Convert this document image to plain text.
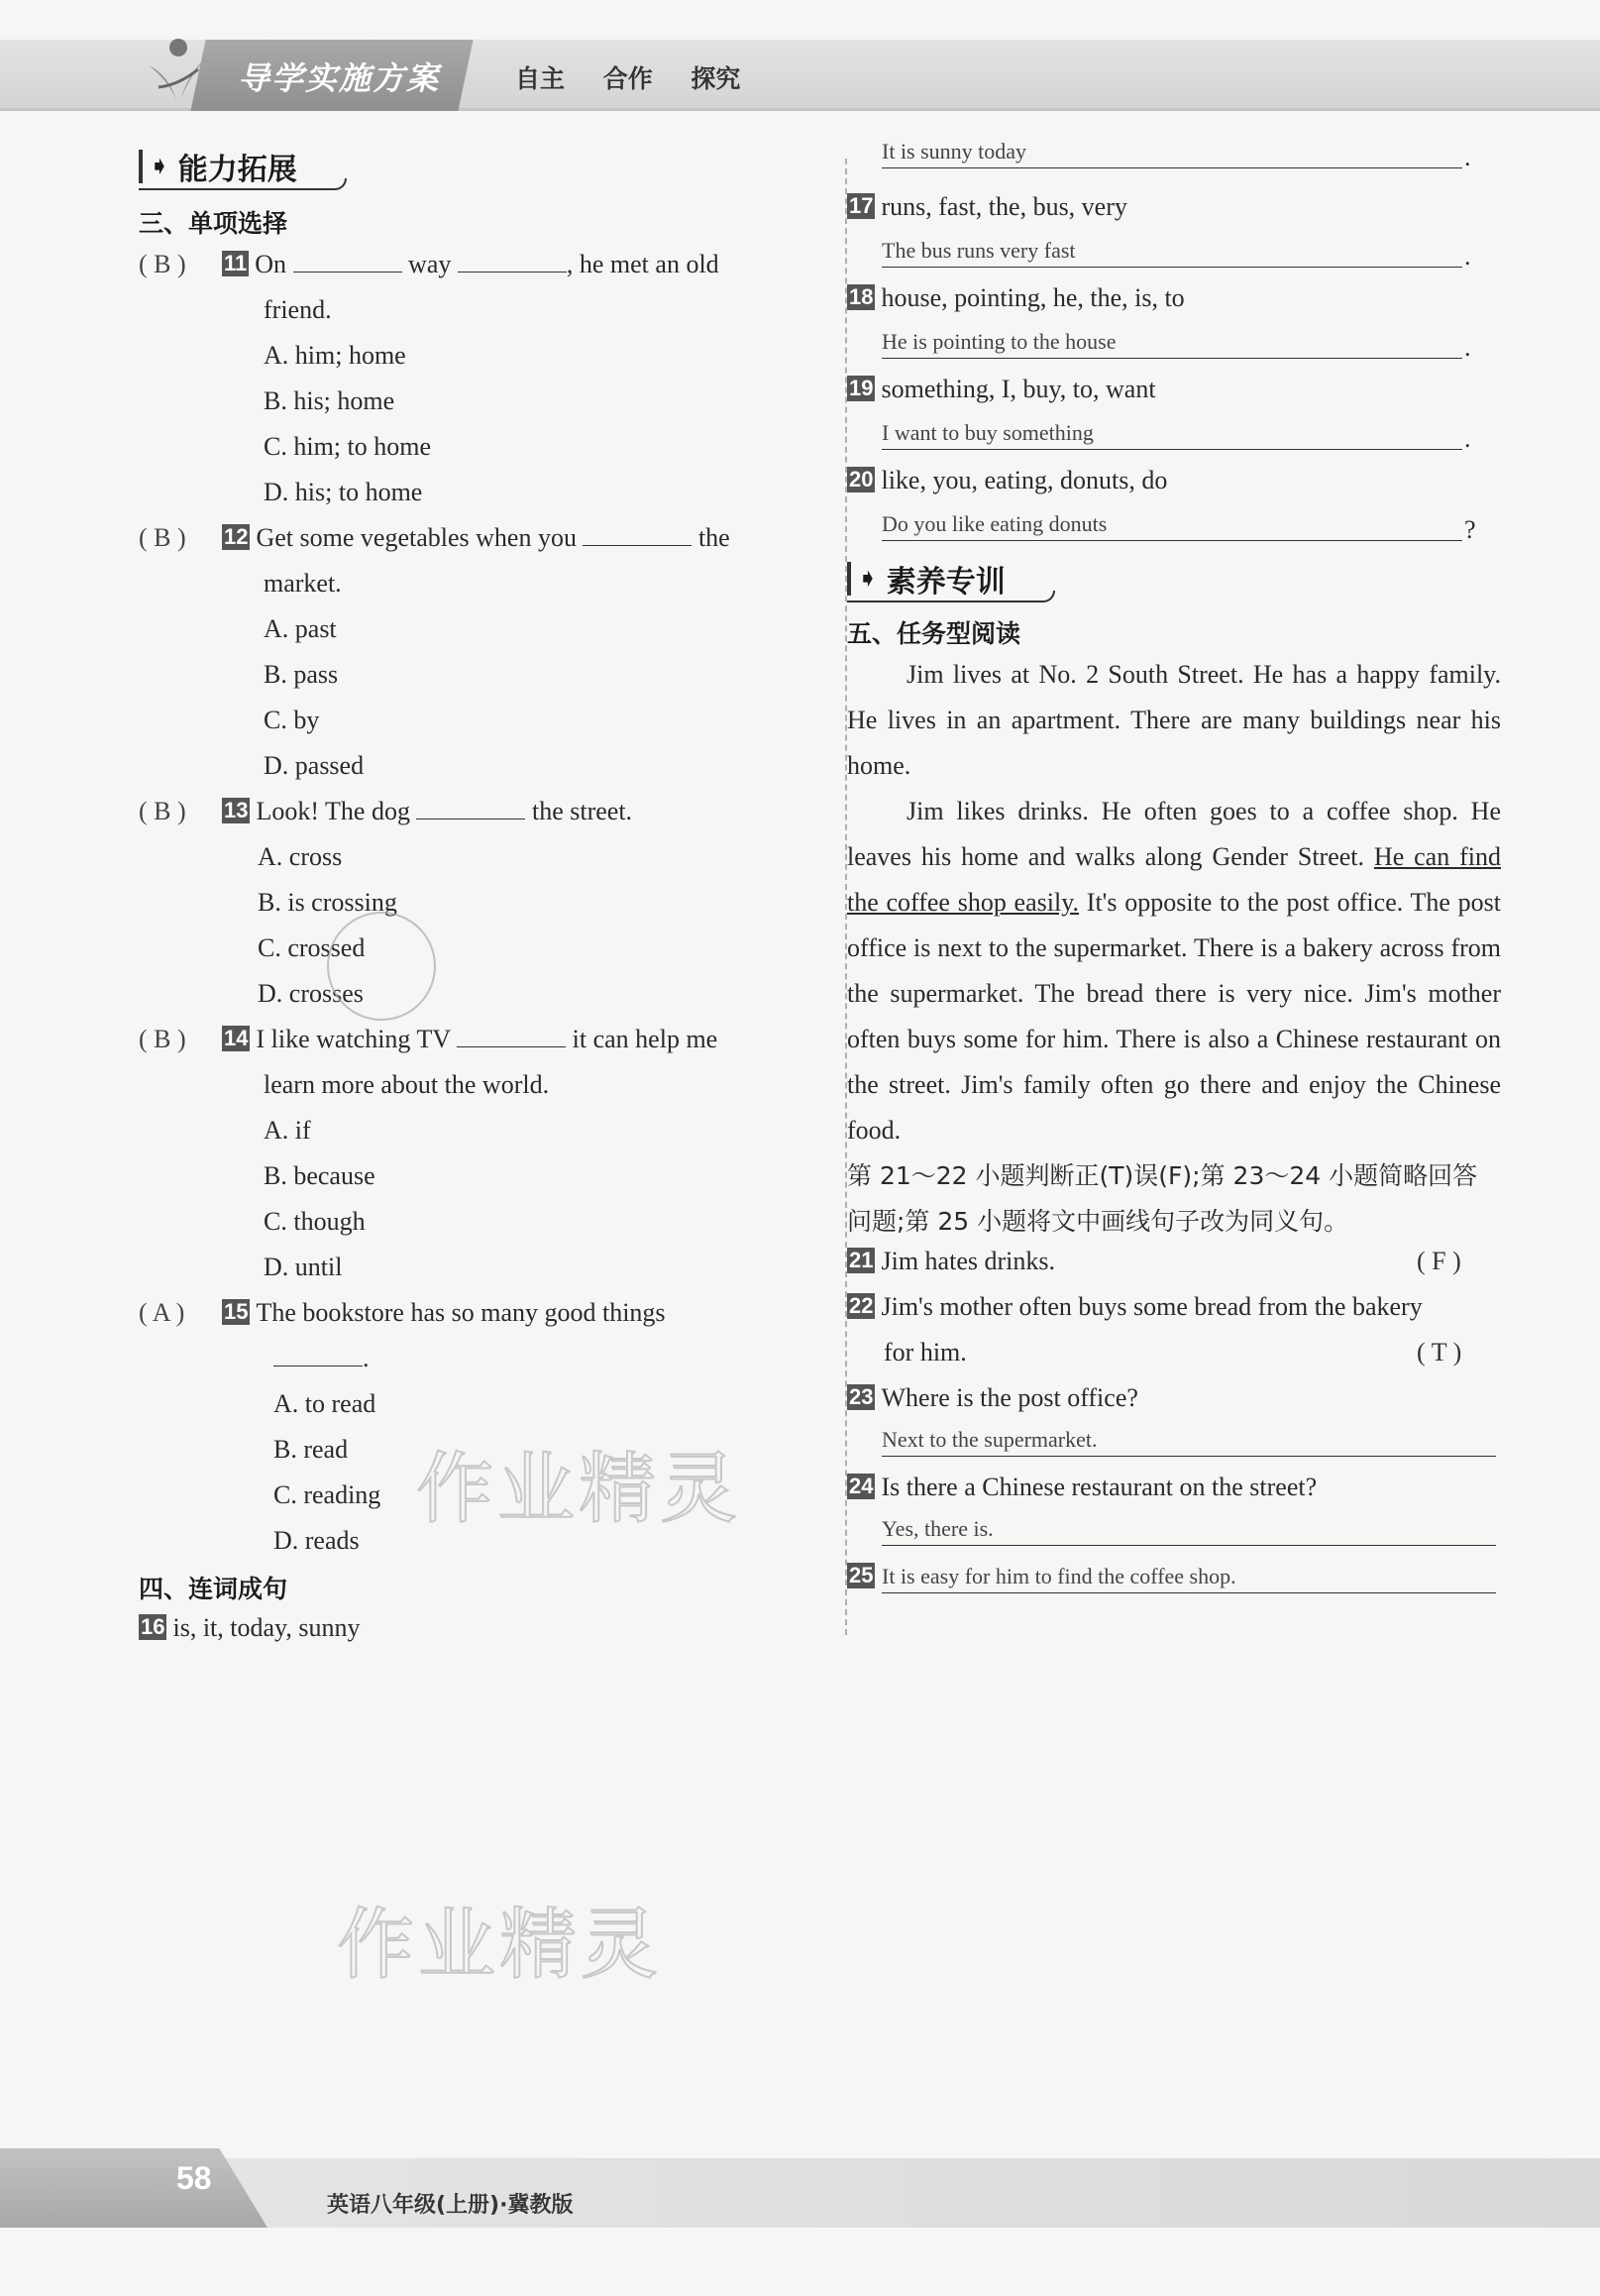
导学实施方案	自主 合作 探究
➧ 能力拓展
三、单项选择
( B ) 11 On	way	, he met an old
friend.
A. him; home
B. his; home
C. him; to home
D. his; to home
( B ) 12 Get some vegetables when you	the
market.
A. past
B. pass
C. by
D. passed
( B ) 13 Look! The dog	the street.
A. cross
B. is crossing
C. crossed
D. crosses
( B ) 14 I like watching TV	it can help me
learn more about the world.
A. if
B. because
C. though
D. until
( A ) 15 The bookstore has so many good things
.
A. to read
B. read
C. reading
D. reads
四、连词成句
16 is, it, today, sunny
作业精灵
作业精灵
It is sunny today	.
17 runs, fast, the, bus, very
The bus runs very fast	.
18 house, pointing, he, the, is, to
He is pointing to the house	.
19 something, I, buy, to, want
I want to buy something	.
20 like, you, eating, donuts, do
Do you like eating donuts	?
➧ 素养专训
五、任务型阅读
Jim lives at No. 2 South Street. He has a happy family. He lives in an apartment. There are many buildings near his home.
Jim likes drinks. He often goes to a coffee shop. He leaves his home and walks along Gender Street. He can find the coffee shop easily. It's opposite to the post office. The post office is next to the supermarket. There is a bakery across from the supermarket. The bread there is very nice. Jim's mother often buys some for him. There is also a Chinese restaurant on the street. Jim's family often go there and enjoy the Chinese food.
第 21～22 小题判断正(T)误(F);第 23～24 小题简略回答问题;第 25 小题将文中画线句子改为同义句。
21 Jim hates drinks.	( F )
22 Jim's mother often buys some bread from the bakery
for him.	( T )
23 Where is the post office?
Next to the supermarket.
24 Is there a Chinese restaurant on the street?
Yes, there is.
25 It is easy for him to find the coffee shop.
58
英语八年级(上册)·冀教版
